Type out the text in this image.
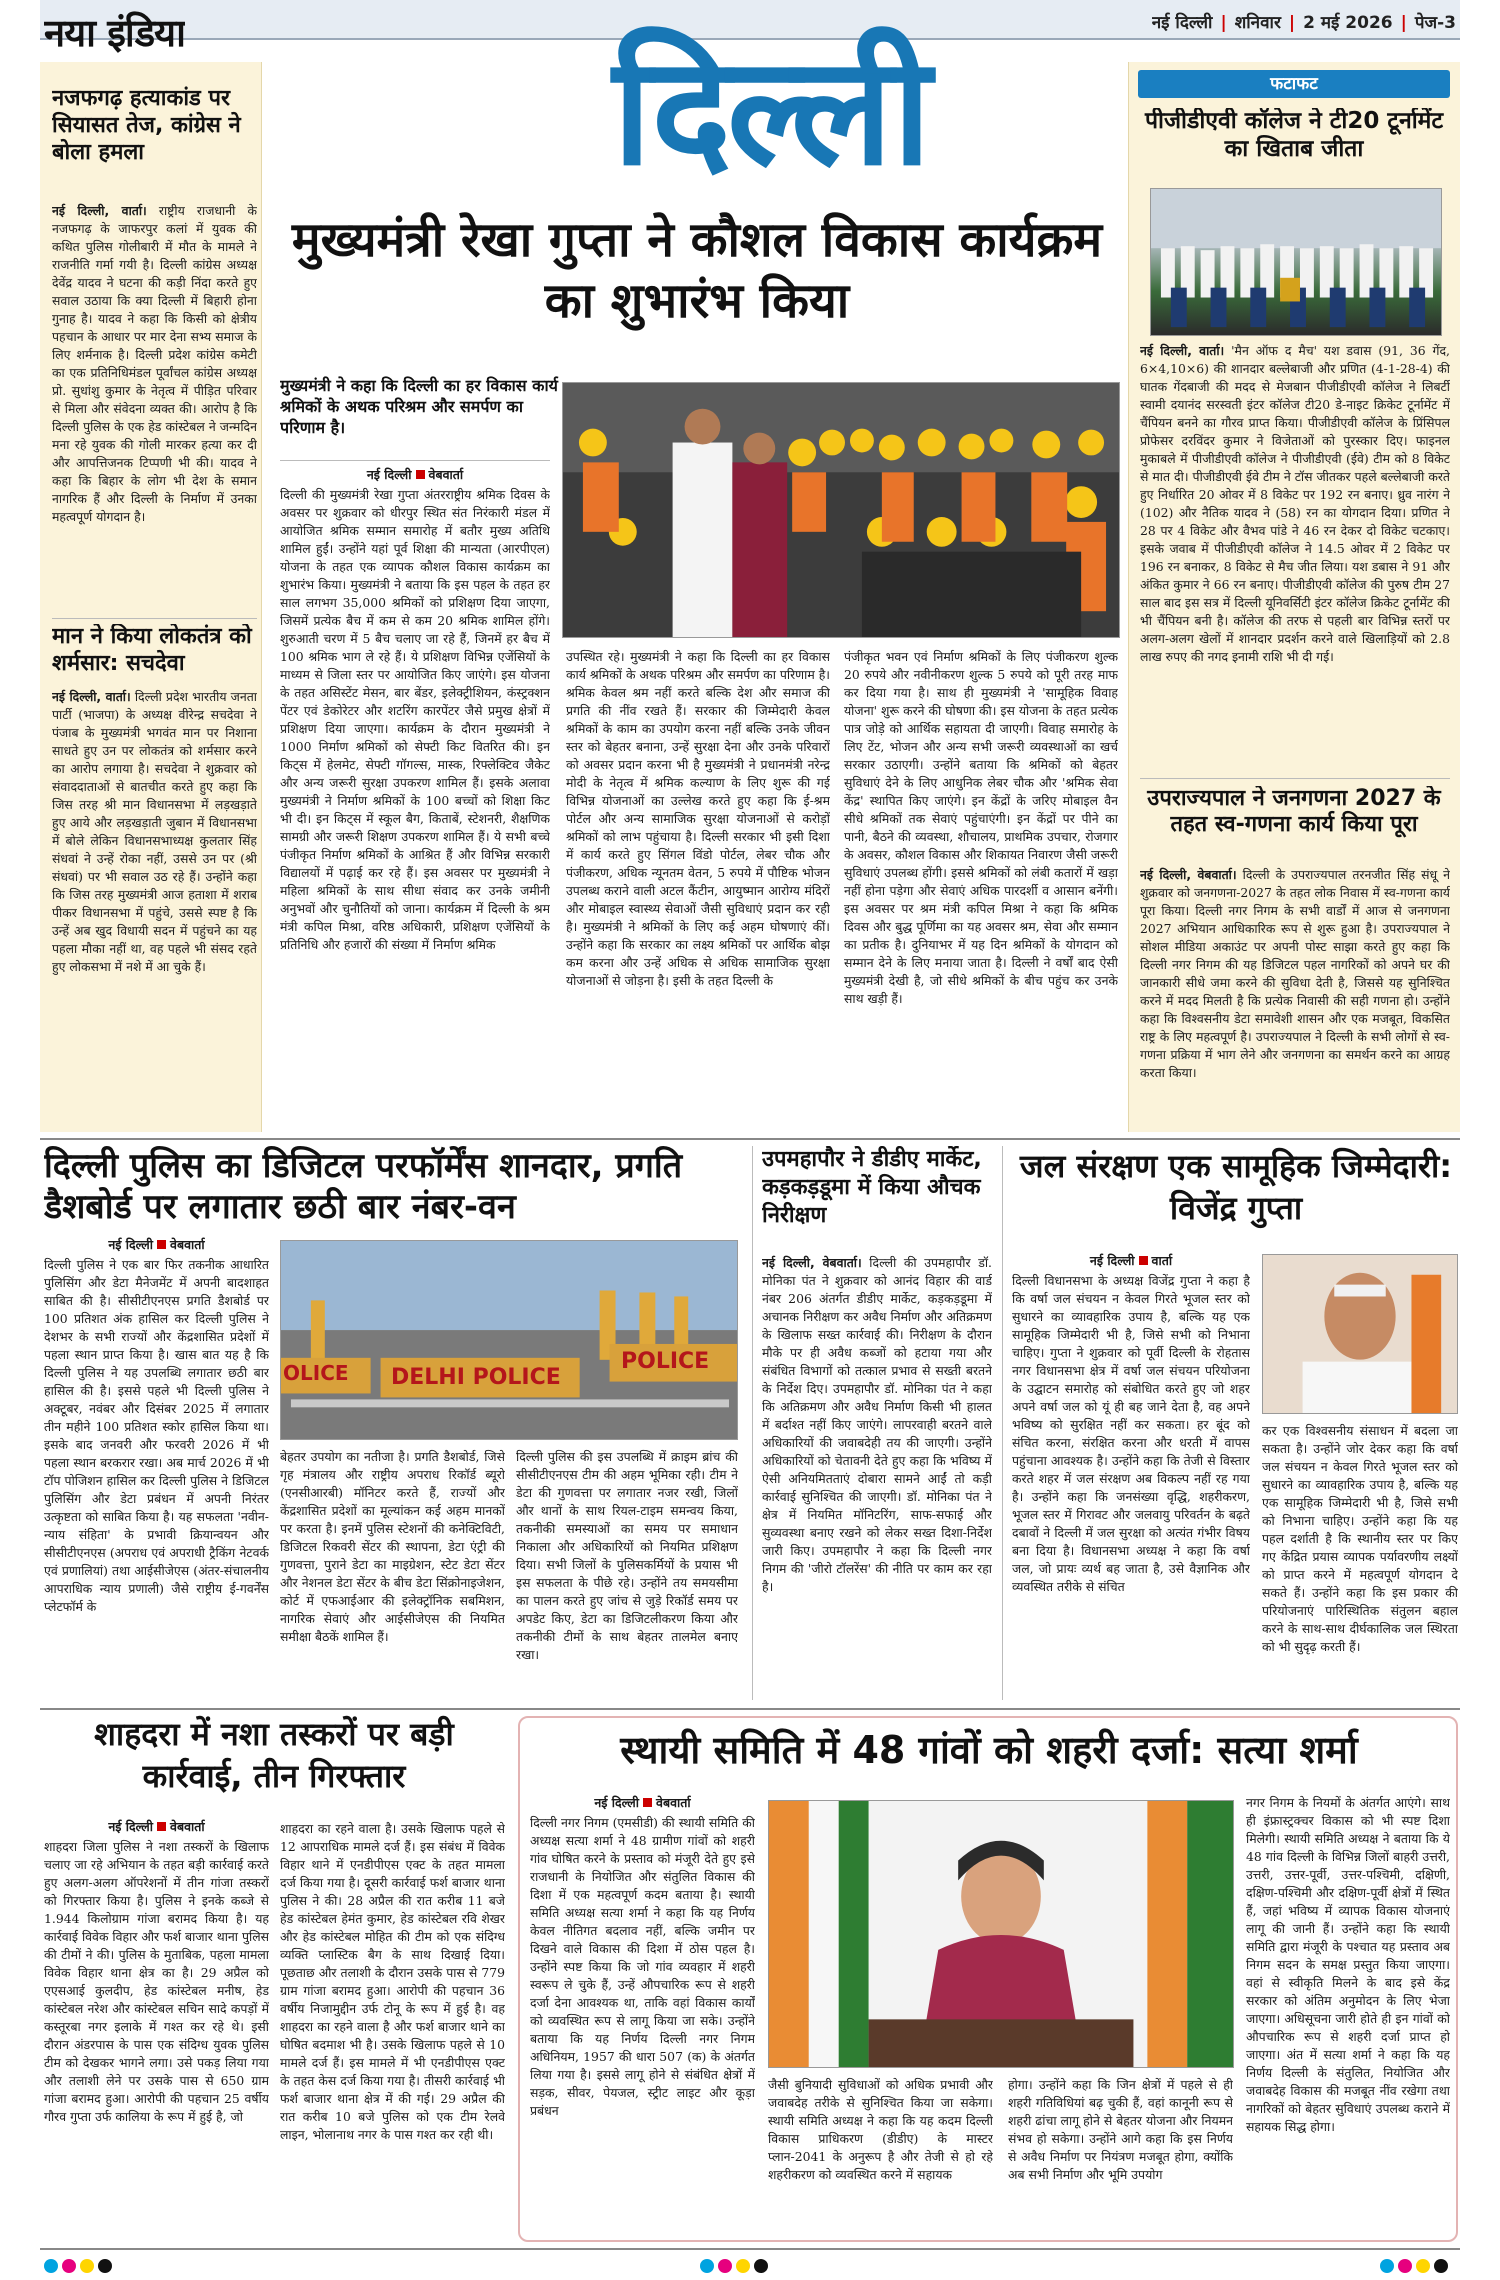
नया इंडिया	नई दिल्ली | शनिवार | 2 मई 2026 | पेज-3
दिल्ली
नजफगढ़ हत्याकांड पर सियासत तेज, कांग्रेस ने बोला हमला
नई दिल्ली, वार्ता। राष्ट्रीय राजधानी के नजफगढ़ के जाफरपुर कलां में युवक की कथित पुलिस गोलीबारी में मौत के मामले ने राजनीति गर्मा गयी है। दिल्ली कांग्रेस अध्यक्ष देवेंद्र यादव ने घटना की कड़ी निंदा करते हुए सवाल उठाया कि क्या दिल्ली में बिहारी होना गुनाह है। यादव ने कहा कि किसी को क्षेत्रीय पहचान के आधार पर मार देना सभ्य समाज के लिए शर्मनाक है। दिल्ली प्रदेश कांग्रेस कमेटी का एक प्रतिनिधिमंडल पूर्वांचल कांग्रेस अध्यक्ष प्रो. सुधांशु कुमार के नेतृत्व में पीड़ित परिवार से मिला और संवेदना व्यक्त की। आरोप है कि दिल्ली पुलिस के एक हेड कांस्टेबल ने जन्मदिन मना रहे युवक की गोली मारकर हत्या कर दी और आपत्तिजनक टिप्पणी भी की। यादव ने कहा कि बिहार के लोग भी देश के समान नागरिक हैं और दिल्ली के निर्माण में उनका महत्वपूर्ण योगदान है।
मान ने किया लोकतंत्र को शर्मसार: सचदेवा
नई दिल्ली, वार्ता। दिल्ली प्रदेश भारतीय जनता पार्टी (भाजपा) के अध्यक्ष वीरेन्द्र सचदेवा ने पंजाब के मुख्यमंत्री भगवंत मान पर निशाना साधते हुए उन पर लोकतंत्र को शर्मसार करने का आरोप लगाया है। सचदेवा ने शुक्रवार को संवाददाताओं से बातचीत करते हुए कहा कि जिस तरह श्री मान विधानसभा में लड़खड़ाते हुए आये और लड़खड़ाती जुबान में विधानसभा में बोले लेकिन विधानसभाध्यक्ष कुलतार सिंह संधवां ने उन्हें रोका नहीं, उससे उन पर (श्री संधवां) पर भी सवाल उठ रहे हैं। उन्होंने कहा कि जिस तरह मुख्यमंत्री आज हताशा में शराब पीकर विधानसभा में पहुंचे, उससे स्पष्ट है कि उन्हें अब खुद विधायी सदन में पहुंचने का यह पहला मौका नहीं था, वह पहले भी संसद रहते हुए लोकसभा में नशे में आ चुके हैं।
मुख्यमंत्री रेखा गुप्ता ने कौशल विकास कार्यक्रम का शुभारंभ किया
मुख्यमंत्री ने कहा कि दिल्ली का हर विकास कार्य श्रमिकों के अथक परिश्रम और समर्पण का परिणाम है।
नई दिल्ली वेबवार्ता
दिल्ली की मुख्यमंत्री रेखा गुप्ता अंतरराष्ट्रीय श्रमिक दिवस के अवसर पर शुक्रवार को धीरपुर स्थित संत निरंकारी मंडल में आयोजित श्रमिक सम्मान समारोह में बतौर मुख्य अतिथि शामिल हुईं। उन्होंने यहां पूर्व शिक्षा की मान्यता (आरपीएल) योजना के तहत एक व्यापक कौशल विकास कार्यक्रम का शुभारंभ किया। मुख्यमंत्री ने बताया कि इस पहल के तहत हर साल लगभग 35,000 श्रमिकों को प्रशिक्षण दिया जाएगा, जिसमें प्रत्येक बैच में कम से कम 20 श्रमिक शामिल होंगे। शुरुआती चरण में 5 बैच चलाए जा रहे हैं, जिनमें हर बैच में 100 श्रमिक भाग ले रहे हैं। ये प्रशिक्षण विभिन्न एजेंसियों के माध्यम से जिला स्तर पर आयोजित किए जाएंगे। इस योजना के तहत असिस्टेंट मेसन, बार बेंडर, इलेक्ट्रीशियन, कंस्ट्रक्शन पेंटर एवं डेकोरेटर और शटरिंग कारपेंटर जैसे प्रमुख क्षेत्रों में प्रशिक्षण दिया जाएगा। कार्यक्रम के दौरान मुख्यमंत्री ने 1000 निर्माण श्रमिकों को सेफ्टी किट वितरित की। इन किट्स में हेलमेट, सेफ्टी गॉगल्स, मास्क, रिफ्लेक्टिव जैकेट और अन्य जरूरी सुरक्षा उपकरण शामिल हैं। इसके अलावा मुख्यमंत्री ने निर्माण श्रमिकों के 100 बच्चों को शिक्षा किट भी दी। इन किट्स में स्कूल बैग, किताबें, स्टेशनरी, शैक्षणिक सामग्री और जरूरी शिक्षण उपकरण शामिल हैं। ये सभी बच्चे पंजीकृत निर्माण श्रमिकों के आश्रित हैं और विभिन्न सरकारी विद्यालयों में पढ़ाई कर रहे हैं। इस अवसर पर मुख्यमंत्री ने महिला श्रमिकों के साथ सीधा संवाद कर उनके जमीनी अनुभवों और चुनौतियों को जाना। कार्यक्रम में दिल्ली के श्रम मंत्री कपिल मिश्रा, वरिष्ठ अधिकारी, प्रशिक्षण एजेंसियों के प्रतिनिधि और हजारों की संख्या में निर्माण श्रमिक
उपस्थित रहे। मुख्यमंत्री ने कहा कि दिल्ली का हर विकास कार्य श्रमिकों के अथक परिश्रम और समर्पण का परिणाम है। श्रमिक केवल श्रम नहीं करते बल्कि देश और समाज की प्रगति की नींव रखते हैं। सरकार की जिम्मेदारी केवल श्रमिकों के काम का उपयोग करना नहीं बल्कि उनके जीवन स्तर को बेहतर बनाना, उन्हें सुरक्षा देना और उनके परिवारों को अवसर प्रदान करना भी है मुख्यमंत्री ने प्रधानमंत्री नरेन्द्र मोदी के नेतृत्व में श्रमिक कल्याण के लिए शुरू की गई विभिन्न योजनाओं का उल्लेख करते हुए कहा कि ई-श्रम पोर्टल और अन्य सामाजिक सुरक्षा योजनाओं से करोड़ों श्रमिकों को लाभ पहुंचाया है। दिल्ली सरकार भी इसी दिशा में कार्य करते हुए सिंगल विंडो पोर्टल, लेबर चौक और पंजीकरण, अधिक न्यूनतम वेतन, 5 रुपये में पौष्टिक भोजन उपलब्ध कराने वाली अटल कैंटीन, आयुष्मान आरोग्य मंदिरों और मोबाइल स्वास्थ्य सेवाओं जैसी सुविधाएं प्रदान कर रही है। मुख्यमंत्री ने श्रमिकों के लिए कई अहम घोषणाएं कीं। उन्होंने कहा कि सरकार का लक्ष्य श्रमिकों पर आर्थिक बोझ कम करना और उन्हें अधिक से अधिक सामाजिक सुरक्षा योजनाओं से जोड़ना है। इसी के तहत दिल्ली के
पंजीकृत भवन एवं निर्माण श्रमिकों के लिए पंजीकरण शुल्क 20 रुपये और नवीनीकरण शुल्क 5 रुपये को पूरी तरह माफ कर दिया गया है। साथ ही मुख्यमंत्री ने 'सामूहिक विवाह योजना' शुरू करने की घोषणा की। इस योजना के तहत प्रत्येक पात्र जोड़े को आर्थिक सहायता दी जाएगी। विवाह समारोह के लिए टेंट, भोजन और अन्य सभी जरूरी व्यवस्थाओं का खर्च सरकार उठाएगी। उन्होंने बताया कि श्रमिकों को बेहतर सुविधाएं देने के लिए आधुनिक लेबर चौक और 'श्रमिक सेवा केंद्र' स्थापित किए जाएंगे। इन केंद्रों के जरिए मोबाइल वैन सीधे श्रमिकों तक सेवाएं पहुंचाएंगी। इन केंद्रों पर पीने का पानी, बैठने की व्यवस्था, शौचालय, प्राथमिक उपचार, रोजगार के अवसर, कौशल विकास और शिकायत निवारण जैसी जरूरी सुविधाएं उपलब्ध होंगी। इससे श्रमिकों को लंबी कतारों में खड़ा नहीं होना पड़ेगा और सेवाएं अधिक पारदर्शी व आसान बनेंगी। इस अवसर पर श्रम मंत्री कपिल मिश्रा ने कहा कि श्रमिक दिवस और बुद्ध पूर्णिमा का यह अवसर श्रम, सेवा और सम्मान का प्रतीक है। दुनियाभर में यह दिन श्रमिकों के योगदान को सम्मान देने के लिए मनाया जाता है। दिल्ली ने वर्षों बाद ऐसी मुख्यमंत्री देखी है, जो सीधे श्रमिकों के बीच पहुंच कर उनके साथ खड़ी हैं।
फटाफट
पीजीडीएवी कॉलेज ने टी20 टूर्नामेंट का खिताब जीता
नई दिल्ली, वार्ता। 'मैन ऑफ द मैच' यश डवास (91, 36 गेंद, 6×4,10×6) की शानदार बल्लेबाजी और प्रणित (4-1-28-4) की घातक गेंदबाजी की मदद से मेजबान पीजीडीएवी कॉलेज ने लिबर्टी स्वामी दयानंद सरस्वती इंटर कॉलेज टी20 डे-नाइट क्रिकेट टूर्नामेंट में चैंपियन बनने का गौरव प्राप्त किया। पीजीडीएवी कॉलेज के प्रिंसिपल प्रोफेसर दरविंदर कुमार ने विजेताओं को पुरस्कार दिए। फाइनल मुकाबले में पीजीडीएवी कॉलेज ने पीजीडीएवी (ईवे) टीम को 8 विकेट से मात दी। पीजीडीएवी ईवे टीम ने टॉस जीतकर पहले बल्लेबाजी करते हुए निर्धारित 20 ओवर में 8 विकेट पर 192 रन बनाए। ध्रुव नारंग ने (102) और नैतिक यादव ने (58) रन का योगदान दिया। प्रणित ने 28 पर 4 विकेट और वैभव पांडे ने 46 रन देकर दो विकेट चटकाए। इसके जवाब में पीजीडीएवी कॉलेज ने 14.5 ओवर में 2 विकेट पर 196 रन बनाकर, 8 विकेट से मैच जीत लिया। यश डबास ने 91 और अंकित कुमार ने 66 रन बनाए। पीजीडीएवी कॉलेज की पुरुष टीम 27 साल बाद इस सत्र में दिल्ली यूनिवर्सिटी इंटर कॉलेज क्रिकेट टूर्नामेंट की भी चैंपियन बनी है। कॉलेज की तरफ से पहली बार विभिन्न स्तरों पर अलग-अलग खेलों में शानदार प्रदर्शन करने वाले खिलाड़ियों को 2.8 लाख रुपए की नगद इनामी राशि भी दी गई।
उपराज्यपाल ने जनगणना 2027 के तहत स्व-गणना कार्य किया पूरा
नई दिल्ली, वेबवार्ता। दिल्ली के उपराज्यपाल तरनजीत सिंह संधू ने शुक्रवार को जनगणना-2027 के तहत लोक निवास में स्व-गणना कार्य पूरा किया। दिल्ली नगर निगम के सभी वार्डों में आज से जनगणना 2027 अभियान आधिकारिक रूप से शुरू हुआ है। उपराज्यपाल ने सोशल मीडिया अकाउंट पर अपनी पोस्ट साझा करते हुए कहा कि दिल्ली नगर निगम की यह डिजिटल पहल नागरिकों को अपने घर की जानकारी सीधे जमा करने की सुविधा देती है, जिससे यह सुनिश्चित करने में मदद मिलती है कि प्रत्येक निवासी की सही गणना हो। उन्होंने कहा कि विश्वसनीय डेटा समावेशी शासन और एक मजबूत, विकसित राष्ट्र के लिए महत्वपूर्ण है। उपराज्यपाल ने दिल्ली के सभी लोगों से स्व-गणना प्रक्रिया में भाग लेने और जनगणना का समर्थन करने का आग्रह करता किया।
दिल्ली पुलिस का डिजिटल परफॉर्मेंस शानदार, प्रगति डैशबोर्ड पर लगातार छठी बार नंबर-वन
नई दिल्ली वेबवार्ता
दिल्ली पुलिस ने एक बार फिर तकनीक आधारित पुलिसिंग और डेटा मैनेजमेंट में अपनी बादशाहत साबित की है। सीसीटीएनएस प्रगति डैशबोर्ड पर 100 प्रतिशत अंक हासिल कर दिल्ली पुलिस ने देशभर के सभी राज्यों और केंद्रशासित प्रदेशों में पहला स्थान प्राप्त किया है। खास बात यह है कि दिल्ली पुलिस ने यह उपलब्धि लगातार छठी बार हासिल की है। इससे पहले भी दिल्ली पुलिस ने अक्टूबर, नवंबर और दिसंबर 2025 में लगातार तीन महीने 100 प्रतिशत स्कोर हासिल किया था। इसके बाद जनवरी और फरवरी 2026 में भी पहला स्थान बरकरार रखा। अब मार्च 2026 में भी टॉप पोजिशन हासिल कर दिल्ली पुलिस ने डिजिटल पुलिसिंग और डेटा प्रबंधन में अपनी निरंतर उत्कृष्टता को साबित किया है। यह सफलता 'नवीन-न्याय संहिता' के प्रभावी क्रियान्वयन और सीसीटीएनएस (अपराध एवं अपराधी ट्रैकिंग नेटवर्क एवं प्रणालियां) तथा आईसीजेएस (अंतर-संचालनीय आपराधिक न्याय प्रणाली) जैसे राष्ट्रीय ई-गवर्नेंस प्लेटफॉर्म के
OLICE DELHI POLICE
POLICE
बेहतर उपयोग का नतीजा है। प्रगति डैशबोर्ड, जिसे गृह मंत्रालय और राष्ट्रीय अपराध रिकॉर्ड ब्यूरो (एनसीआरबी) मॉनिटर करते हैं, राज्यों और केंद्रशासित प्रदेशों का मूल्यांकन कई अहम मानकों पर करता है। इनमें पुलिस स्टेशनों की कनेक्टिविटी, डिजिटल रिकवरी सेंटर की स्थापना, डेटा एंट्री की गुणवत्ता, पुराने डेटा का माइग्रेशन, स्टेट डेटा सेंटर और नेशनल डेटा सेंटर के बीच डेटा सिंक्रोनाइजेशन, कोर्ट में एफआईआर की इलेक्ट्रॉनिक सबमिशन, नागरिक सेवाएं और आईसीजेएस की नियमित समीक्षा बैठकें शामिल हैं।
दिल्ली पुलिस की इस उपलब्धि में क्राइम ब्रांच की सीसीटीएनएस टीम की अहम भूमिका रही। टीम ने डेटा की गुणवत्ता पर लगातार नजर रखी, जिलों और थानों के साथ रियल-टाइम समन्वय किया, तकनीकी समस्याओं का समय पर समाधान निकाला और अधिकारियों को नियमित प्रशिक्षण दिया। सभी जिलों के पुलिसकर्मियों के प्रयास भी इस सफलता के पीछे रहे। उन्होंने तय समयसीमा का पालन करते हुए जांच से जुड़े रिकॉर्ड समय पर अपडेट किए, डेटा का डिजिटलीकरण किया और तकनीकी टीमों के साथ बेहतर तालमेल बनाए रखा।
उपमहापौर ने डीडीए मार्केट, कड़कड़डूमा में किया औचक निरीक्षण
नई दिल्ली, वेबवार्ता। दिल्ली की उपमहापौर डॉ. मोनिका पंत ने शुक्रवार को आनंद विहार की वार्ड नंबर 206 अंतर्गत डीडीए मार्केट, कड़कड़डूमा में अचानक निरीक्षण कर अवैध निर्माण और अतिक्रमण के खिलाफ सख्त कार्रवाई की। निरीक्षण के दौरान मौके पर ही अवैध कब्जों को हटाया गया और संबंधित विभागों को तत्काल प्रभाव से सख्ती बरतने के निर्देश दिए। उपमहापौर डॉ. मोनिका पंत ने कहा कि अतिक्रमण और अवैध निर्माण किसी भी हालत में बर्दाश्त नहीं किए जाएंगे। लापरवाही बरतने वाले अधिकारियों की जवाबदेही तय की जाएगी। उन्होंने अधिकारियों को चेतावनी देते हुए कहा कि भविष्य में ऐसी अनियमितताएं दोबारा सामने आईं तो कड़ी कार्रवाई सुनिश्चित की जाएगी। डॉ. मोनिका पंत ने क्षेत्र में नियमित मॉनिटरिंग, साफ-सफाई और सुव्यवस्था बनाए रखने को लेकर सख्त दिशा-निर्देश जारी किए। उपमहापौर ने कहा कि दिल्ली नगर निगम की 'जीरो टॉलरेंस' की नीति पर काम कर रहा है।
जल संरक्षण एक सामूहिक जिम्मेदारी: विजेंद्र गुप्ता
नई दिल्ली वार्ता
दिल्ली विधानसभा के अध्यक्ष विजेंद्र गुप्ता ने कहा है कि वर्षा जल संचयन न केवल गिरते भूजल स्तर को सुधारने का व्यावहारिक उपाय है, बल्कि यह एक सामूहिक जिम्मेदारी भी है, जिसे सभी को निभाना चाहिए। गुप्ता ने शुक्रवार को पूर्वी दिल्ली के रोहतास नगर विधानसभा क्षेत्र में वर्षा जल संचयन परियोजना के उद्घाटन समारोह को संबोधित करते हुए जो शहर अपने वर्षा जल को यूं ही बह जाने देता है, वह अपने भविष्य को सुरक्षित नहीं कर सकता। हर बूंद को संचित करना, संरक्षित करना और धरती में वापस पहुंचाना आवश्यक है। उन्होंने कहा कि तेजी से विस्तार करते शहर में जल संरक्षण अब विकल्प नहीं रह गया है। उन्होंने कहा कि जनसंख्या वृद्धि, शहरीकरण, भूजल स्तर में गिरावट और जलवायु परिवर्तन के बढ़ते दबावों ने दिल्ली में जल सुरक्षा को अत्यंत गंभीर विषय बना दिया है। विधानसभा अध्यक्ष ने कहा कि वर्षा जल, जो प्रायः व्यर्थ बह जाता है, उसे वैज्ञानिक और व्यवस्थित तरीके से संचित
कर एक विश्वसनीय संसाधन में बदला जा सकता है। उन्होंने जोर देकर कहा कि वर्षा जल संचयन न केवल गिरते भूजल स्तर को सुधारने का व्यावहारिक उपाय है, बल्कि यह एक सामूहिक जिम्मेदारी भी है, जिसे सभी को निभाना चाहिए। उन्होंने कहा कि यह पहल दर्शाती है कि स्थानीय स्तर पर किए गए केंद्रित प्रयास व्यापक पर्यावरणीय लक्ष्यों को प्राप्त करने में महत्वपूर्ण योगदान दे सकते हैं। उन्होंने कहा कि इस प्रकार की परियोजनाएं पारिस्थितिक संतुलन बहाल करने के साथ-साथ दीर्घकालिक जल स्थिरता को भी सुदृढ़ करती हैं।
शाहदरा में नशा तस्करों पर बड़ी कार्रवाई, तीन गिरफ्तार
नई दिल्ली वेबवार्ता
शाहदरा जिला पुलिस ने नशा तस्करों के खिलाफ चलाए जा रहे अभियान के तहत बड़ी कार्रवाई करते हुए अलग-अलग ऑपरेशनों में तीन गांजा तस्करों को गिरफ्तार किया है। पुलिस ने इनके कब्जे से 1.944 किलोग्राम गांजा बरामद किया है। यह कार्रवाई विवेक विहार और फर्श बाजार थाना पुलिस की टीमों ने की। पुलिस के मुताबिक, पहला मामला विवेक विहार थाना क्षेत्र का है। 29 अप्रैल को एएसआई कुलदीप, हेड कांस्टेबल मनीष, हेड कांस्टेबल नरेश और कांस्टेबल सचिन सादे कपड़ों में कस्तूरबा नगर इलाके में गश्त कर रहे थे। इसी दौरान अंडरपास के पास एक संदिग्ध युवक पुलिस टीम को देखकर भागने लगा। उसे पकड़ लिया गया और तलाशी लेने पर उसके पास से 650 ग्राम गांजा बरामद हुआ। आरोपी की पहचान 25 वर्षीय गौरव गुप्ता उर्फ कालिया के रूप में हुई है, जो
शाहदरा का रहने वाला है। उसके खिलाफ पहले से 12 आपराधिक मामले दर्ज हैं। इस संबंध में विवेक विहार थाने में एनडीपीएस एक्ट के तहत मामला दर्ज किया गया है। दूसरी कार्रवाई फर्श बाजार थाना पुलिस ने की। 28 अप्रैल की रात करीब 11 बजे हेड कांस्टेबल हेमंत कुमार, हेड कांस्टेबल रवि शेखर और हेड कांस्टेबल मोहित की टीम को एक संदिग्ध व्यक्ति प्लास्टिक बैग के साथ दिखाई दिया। पूछताछ और तलाशी के दौरान उसके पास से 779 ग्राम गांजा बरामद हुआ। आरोपी की पहचान 36 वर्षीय निजामुद्दीन उर्फ टोनू के रूप में हुई है। वह शाहदरा का रहने वाला है और फर्श बाजार थाने का घोषित बदमाश भी है। उसके खिलाफ पहले से 10 मामले दर्ज हैं। इस मामले में भी एनडीपीएस एक्ट के तहत केस दर्ज किया गया है। तीसरी कार्रवाई भी फर्श बाजार थाना क्षेत्र में की गई। 29 अप्रैल की रात करीब 10 बजे पुलिस को एक टीम रेलवे लाइन, भोलानाथ नगर के पास गश्त कर रही थी।
स्थायी समिति में 48 गांवों को शहरी दर्जा: सत्या शर्मा
नई दिल्ली वेबवार्ता
दिल्ली नगर निगम (एमसीडी) की स्थायी समिति की अध्यक्ष सत्या शर्मा ने 48 ग्रामीण गांवों को शहरी गांव घोषित करने के प्रस्ताव को मंजूरी देते हुए इसे राजधानी के नियोजित और संतुलित विकास की दिशा में एक महत्वपूर्ण कदम बताया है। स्थायी समिति अध्यक्ष सत्या शर्मा ने कहा कि यह निर्णय केवल नीतिगत बदलाव नहीं, बल्कि जमीन पर दिखने वाले विकास की दिशा में ठोस पहल है। उन्होंने स्पष्ट किया कि जो गांव व्यवहार में शहरी स्वरूप ले चुके हैं, उन्हें औपचारिक रूप से शहरी दर्जा देना आवश्यक था, ताकि वहां विकास कार्यों को व्यवस्थित रूप से लागू किया जा सके। उन्होंने बताया कि यह निर्णय दिल्ली नगर निगम अधिनियम, 1957 की धारा 507 (क) के अंतर्गत लिया गया है। इससे लागू होने से संबंधित क्षेत्रों में सड़क, सीवर, पेयजल, स्ट्रीट लाइट और कूड़ा प्रबंधन
जैसी बुनियादी सुविधाओं को अधिक प्रभावी और जवाबदेह तरीके से सुनिश्चित किया जा सकेगा। स्थायी समिति अध्यक्ष ने कहा कि यह कदम दिल्ली विकास प्राधिकरण (डीडीए) के मास्टर प्लान-2041 के अनुरूप है और तेजी से हो रहे शहरीकरण को व्यवस्थित करने में सहायक
होगा। उन्होंने कहा कि जिन क्षेत्रों में पहले से ही शहरी गतिविधियां बढ़ चुकी हैं, वहां कानूनी रूप से शहरी ढांचा लागू होने से बेहतर योजना और नियमन संभव हो सकेगा। उन्होंने आगे कहा कि इस निर्णय से अवैध निर्माण पर नियंत्रण मजबूत होगा, क्योंकि अब सभी निर्माण और भूमि उपयोग
नगर निगम के नियमों के अंतर्गत आएंगे। साथ ही इंफ्रास्ट्रक्चर विकास को भी स्पष्ट दिशा मिलेगी। स्थायी समिति अध्यक्ष ने बताया कि ये 48 गांव दिल्ली के विभिन्न जिलों बाहरी उत्तरी, उत्तरी, उत्तर-पूर्वी, उत्तर-पश्चिमी, दक्षिणी, दक्षिण-पश्चिमी और दक्षिण-पूर्वी क्षेत्रों में स्थित हैं, जहां भविष्य में व्यापक विकास योजनाएं लागू की जानी हैं। उन्होंने कहा कि स्थायी समिति द्वारा मंजूरी के पश्चात यह प्रस्ताव अब निगम सदन के समक्ष प्रस्तुत किया जाएगा। वहां से स्वीकृति मिलने के बाद इसे केंद्र सरकार को अंतिम अनुमोदन के लिए भेजा जाएगा। अधिसूचना जारी होते ही इन गांवों को औपचारिक रूप से शहरी दर्जा प्राप्त हो जाएगा। अंत में सत्या शर्मा ने कहा कि यह निर्णय दिल्ली के संतुलित, नियोजित और जवाबदेह विकास की मजबूत नींव रखेगा तथा नागरिकों को बेहतर सुविधाएं उपलब्ध कराने में सहायक सिद्ध होगा।
